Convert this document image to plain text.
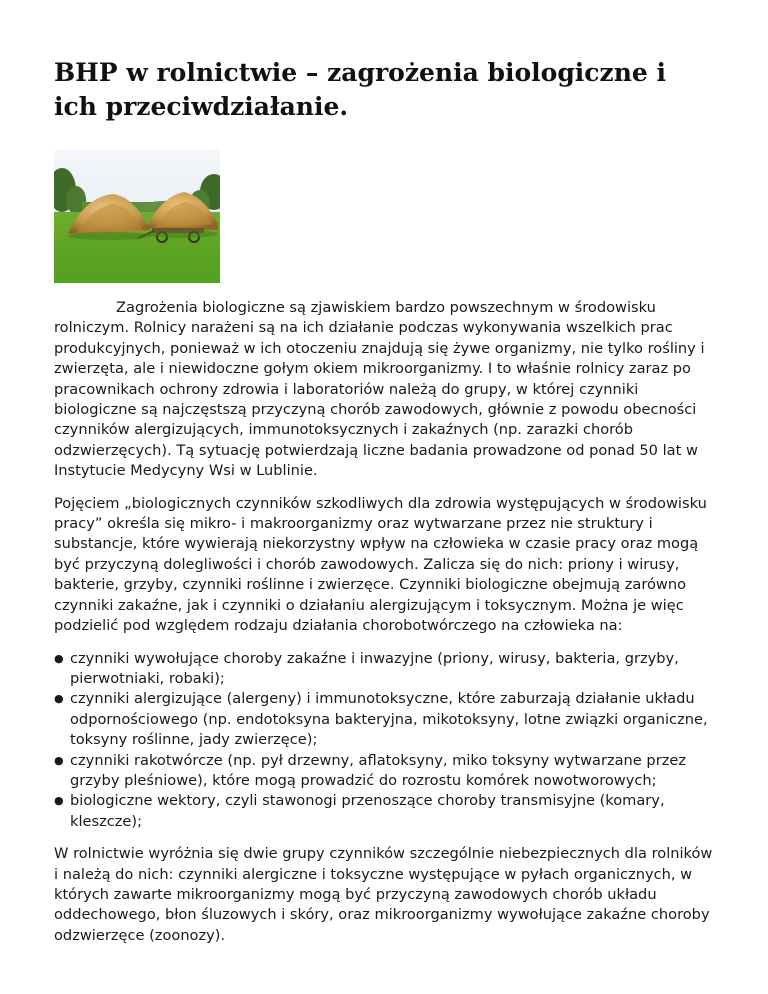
BHP w rolnictwie – zagrożenia biologiczne i ich przeciwdziałanie.

Zagrożenia biologiczne są zjawiskiem bardzo powszechnym w środowisku rolniczym. Rolnicy narażeni są na ich działanie podczas wykonywania wszelkich prac produkcyjnych, ponieważ w ich otoczeniu znajdują się żywe organizmy, nie tylko rośliny i zwierzęta, ale i niewidoczne gołym okiem mikroorganizmy. I to właśnie rolnicy zaraz po pracownikach ochrony zdrowia i laboratoriów należą do grupy, w której czynniki biologiczne są najczęstszą przyczyną chorób zawodowych, głównie z powodu obecności czynników alergizujących, immunotoksycznych i zakaźnych (np. zarazki chorób odzwierzęcych). Tą sytuację potwierdzają liczne badania prowadzone od ponad 50 lat w Instytucie Medycyny Wsi w Lublinie.

Pojęciem „biologicznych czynników szkodliwych dla zdrowia występujących w środowisku pracy” określa się mikro- i makroorganizmy oraz wytwarzane przez nie struktury i substancje, które wywierają niekorzystny wpływ na człowieka w czasie pracy oraz mogą być przyczyną dolegliwości i chorób zawodowych. Zalicza się do nich: priony i wirusy, bakterie, grzyby, czynniki roślinne i zwierzęce. Czynniki biologiczne obejmują zarówno czynniki zakaźne, jak i czynniki o działaniu alergizującym i toksycznym. Można je więc podzielić pod względem rodzaju działania chorobotwórczego na człowieka na:

● czynniki wywołujące choroby zakaźne i inwazyjne (priony, wirusy, bakteria, grzyby, pierwotniaki, robaki);
● czynniki alergizujące (alergeny) i immunotoksyczne, które zaburzają działanie układu odpornościowego (np. endotoksyna bakteryjna, mikotoksyny, lotne związki organiczne, toksyny roślinne, jady zwierzęce);
● czynniki rakotwórcze (np. pył drzewny, aflatoksyny, miko toksyny wytwarzane przez grzyby pleśniowe), które mogą prowadzić do rozrostu komórek nowotworowych;
● biologiczne wektory, czyli stawonogi przenoszące choroby transmisyjne (komary, kleszcze);

W rolnictwie wyróżnia się dwie grupy czynników szczególnie niebezpiecznych dla rolników i należą do nich: czynniki alergiczne i toksyczne występujące w pyłach organicznych, w których zawarte mikroorganizmy mogą być przyczyną zawodowych chorób układu oddechowego, błon śluzowych i skóry, oraz mikroorganizmy wywołujące zakaźne choroby odzwierzęce (zoonozy).
